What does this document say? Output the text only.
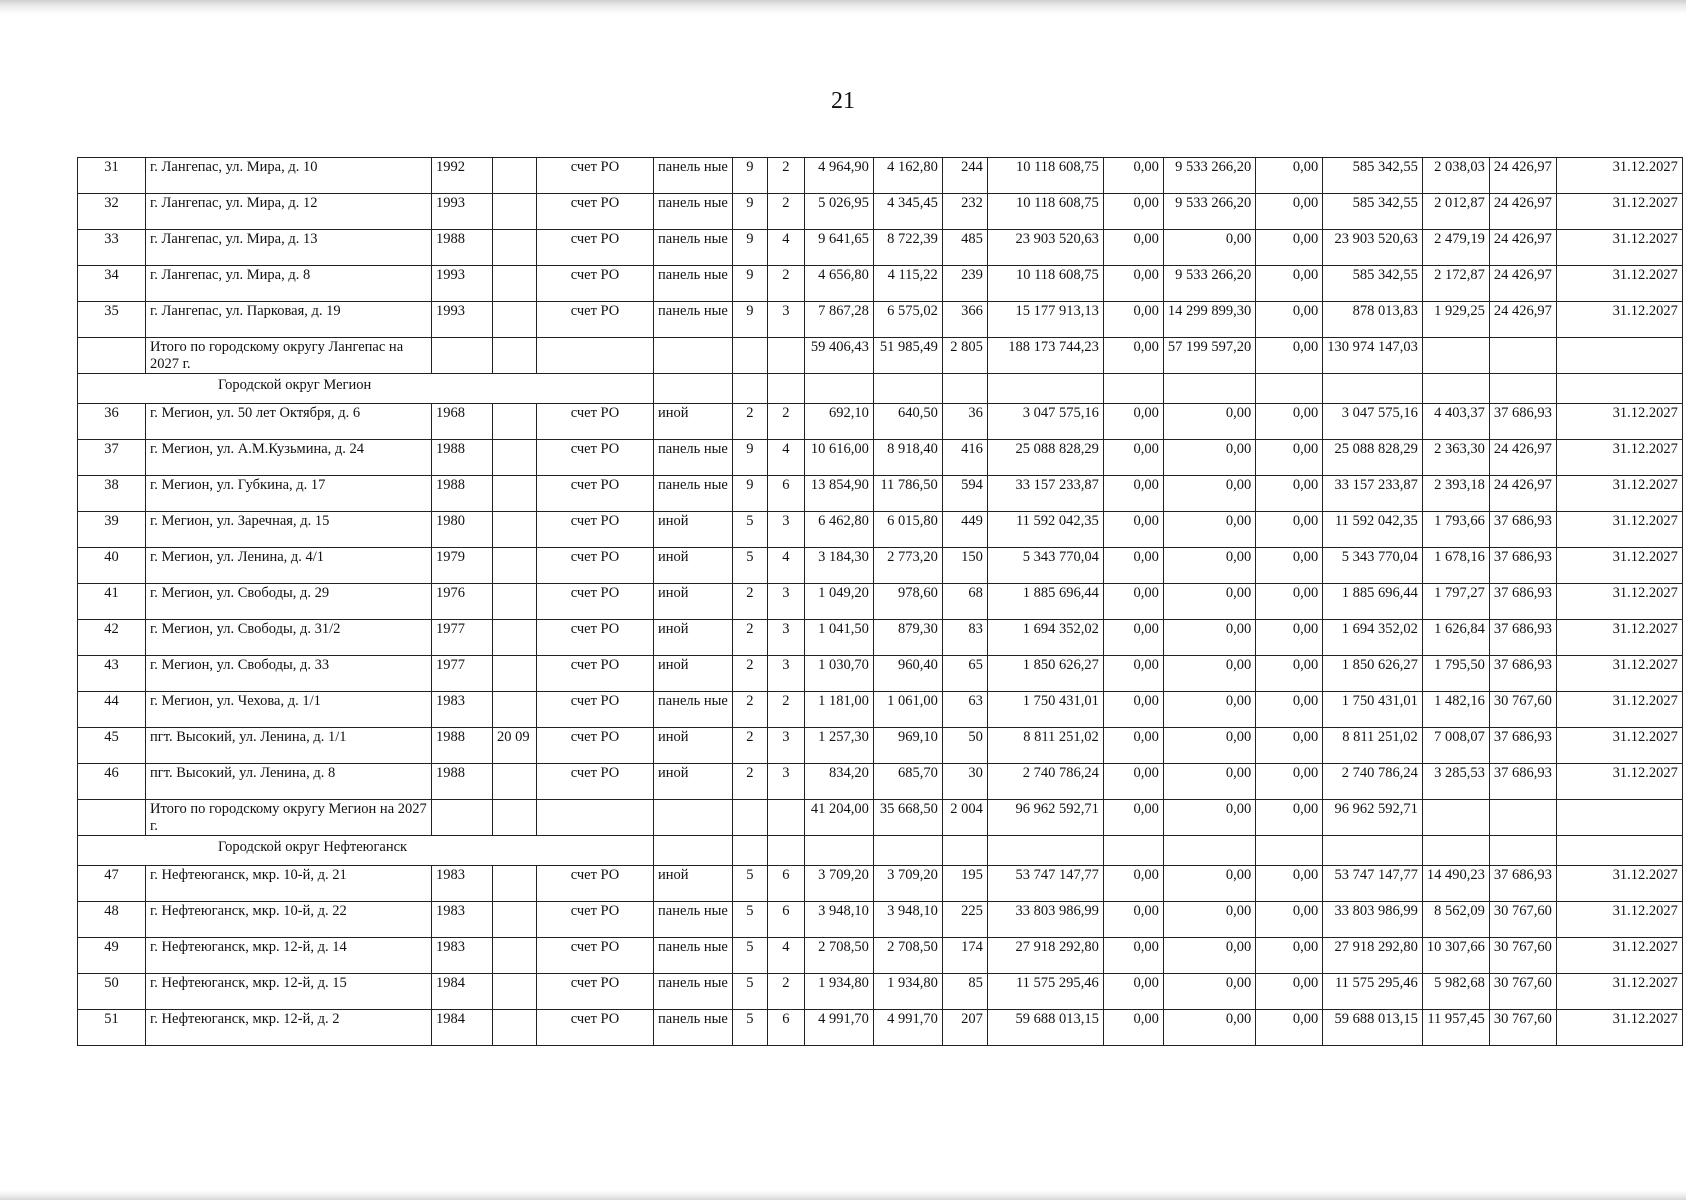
21
31	г. Лангепас, ул. Мира, д. 10	1992		счет РО	панель ные	9	2	4 964,90	4 162,80	244	10 118 608,75	0,00	9 533 266,20	0,00	585 342,55	2 038,03	24 426,97	31.12.2027
32	г. Лангепас, ул. Мира, д. 12	1993		счет РО	панель ные	9	2	5 026,95	4 345,45	232	10 118 608,75	0,00	9 533 266,20	0,00	585 342,55	2 012,87	24 426,97	31.12.2027
33	г. Лангепас, ул. Мира, д. 13	1988		счет РО	панель ные	9	4	9 641,65	8 722,39	485	23 903 520,63	0,00	0,00	0,00	23 903 520,63	2 479,19	24 426,97	31.12.2027
34	г. Лангепас, ул. Мира, д. 8	1993		счет РО	панель ные	9	2	4 656,80	4 115,22	239	10 118 608,75	0,00	9 533 266,20	0,00	585 342,55	2 172,87	24 426,97	31.12.2027
35	г. Лангепас, ул. Парковая, д. 19	1993		счет РО	панель ные	9	3	7 867,28	6 575,02	366	15 177 913,13	0,00	14 299 899,30	0,00	878 013,83	1 929,25	24 426,97	31.12.2027
	Итого по городскому округу Лангепас на 2027 г.							59 406,43	51 985,49	2 805	188 173 744,23	0,00	57 199 597,20	0,00	130 974 147,03			
Городской округ Мегион																		
36	г. Мегион, ул. 50 лет Октября, д. 6	1968		счет РО	иной	2	2	692,10	640,50	36	3 047 575,16	0,00	0,00	0,00	3 047 575,16	4 403,37	37 686,93	31.12.2027
37	г. Мегион, ул. А.М.Кузьмина, д. 24	1988		счет РО	панель ные	9	4	10 616,00	8 918,40	416	25 088 828,29	0,00	0,00	0,00	25 088 828,29	2 363,30	24 426,97	31.12.2027
38	г. Мегион, ул. Губкина, д. 17	1988		счет РО	панель ные	9	6	13 854,90	11 786,50	594	33 157 233,87	0,00	0,00	0,00	33 157 233,87	2 393,18	24 426,97	31.12.2027
39	г. Мегион, ул. Заречная, д. 15	1980		счет РО	иной	5	3	6 462,80	6 015,80	449	11 592 042,35	0,00	0,00	0,00	11 592 042,35	1 793,66	37 686,93	31.12.2027
40	г. Мегион, ул. Ленина, д. 4/1	1979		счет РО	иной	5	4	3 184,30	2 773,20	150	5 343 770,04	0,00	0,00	0,00	5 343 770,04	1 678,16	37 686,93	31.12.2027
41	г. Мегион, ул. Свободы, д. 29	1976		счет РО	иной	2	3	1 049,20	978,60	68	1 885 696,44	0,00	0,00	0,00	1 885 696,44	1 797,27	37 686,93	31.12.2027
42	г. Мегион, ул. Свободы, д. 31/2	1977		счет РО	иной	2	3	1 041,50	879,30	83	1 694 352,02	0,00	0,00	0,00	1 694 352,02	1 626,84	37 686,93	31.12.2027
43	г. Мегион, ул. Свободы, д. 33	1977		счет РО	иной	2	3	1 030,70	960,40	65	1 850 626,27	0,00	0,00	0,00	1 850 626,27	1 795,50	37 686,93	31.12.2027
44	г. Мегион, ул. Чехова, д. 1/1	1983		счет РО	панель ные	2	2	1 181,00	1 061,00	63	1 750 431,01	0,00	0,00	0,00	1 750 431,01	1 482,16	30 767,60	31.12.2027
45	пгт. Высокий, ул. Ленина, д. 1/1	1988	20 09	счет РО	иной	2	3	1 257,30	969,10	50	8 811 251,02	0,00	0,00	0,00	8 811 251,02	7 008,07	37 686,93	31.12.2027
46	пгт. Высокий, ул. Ленина, д. 8	1988		счет РО	иной	2	3	834,20	685,70	30	2 740 786,24	0,00	0,00	0,00	2 740 786,24	3 285,53	37 686,93	31.12.2027
	Итого по городскому округу Мегион на 2027 г.							41 204,00	35 668,50	2 004	96 962 592,71	0,00	0,00	0,00	96 962 592,71			
Городской округ Нефтеюганск																		
47	г. Нефтеюганск, мкр. 10-й, д. 21	1983		счет РО	иной	5	6	3 709,20	3 709,20	195	53 747 147,77	0,00	0,00	0,00	53 747 147,77	14 490,23	37 686,93	31.12.2027
48	г. Нефтеюганск, мкр. 10-й, д. 22	1983		счет РО	панель ные	5	6	3 948,10	3 948,10	225	33 803 986,99	0,00	0,00	0,00	33 803 986,99	8 562,09	30 767,60	31.12.2027
49	г. Нефтеюганск, мкр. 12-й, д. 14	1983		счет РО	панель ные	5	4	2 708,50	2 708,50	174	27 918 292,80	0,00	0,00	0,00	27 918 292,80	10 307,66	30 767,60	31.12.2027
50	г. Нефтеюганск, мкр. 12-й, д. 15	1984		счет РО	панель ные	5	2	1 934,80	1 934,80	85	11 575 295,46	0,00	0,00	0,00	11 575 295,46	5 982,68	30 767,60	31.12.2027
51	г. Нефтеюганск, мкр. 12-й, д. 2	1984		счет РО	панель ные	5	6	4 991,70	4 991,70	207	59 688 013,15	0,00	0,00	0,00	59 688 013,15	11 957,45	30 767,60	31.12.2027
